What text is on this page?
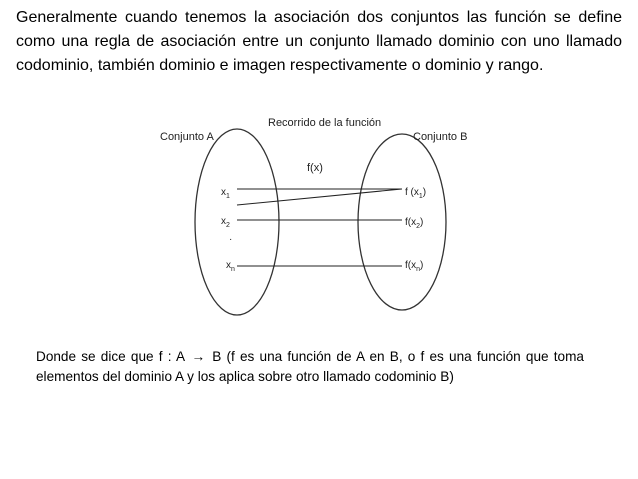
Generalmente cuando tenemos la asociación dos conjuntos las función se define como una regla de asociación entre un conjunto llamado dominio con uno llamado codominio, también dominio e imagen respectivamente o dominio y rango.

Recorrido de la función
Conjunto A	Conjunto B
f(x)
$x_1$
$x_2$
·
$x_n$
f $(x_1)$
$f(x_2)$
$f(x_n)$

Donde se dice que f : A → B (f es una función de A en B, o f es una función que toma elementos del dominio A y los aplica sobre otro llamado codominio B)
